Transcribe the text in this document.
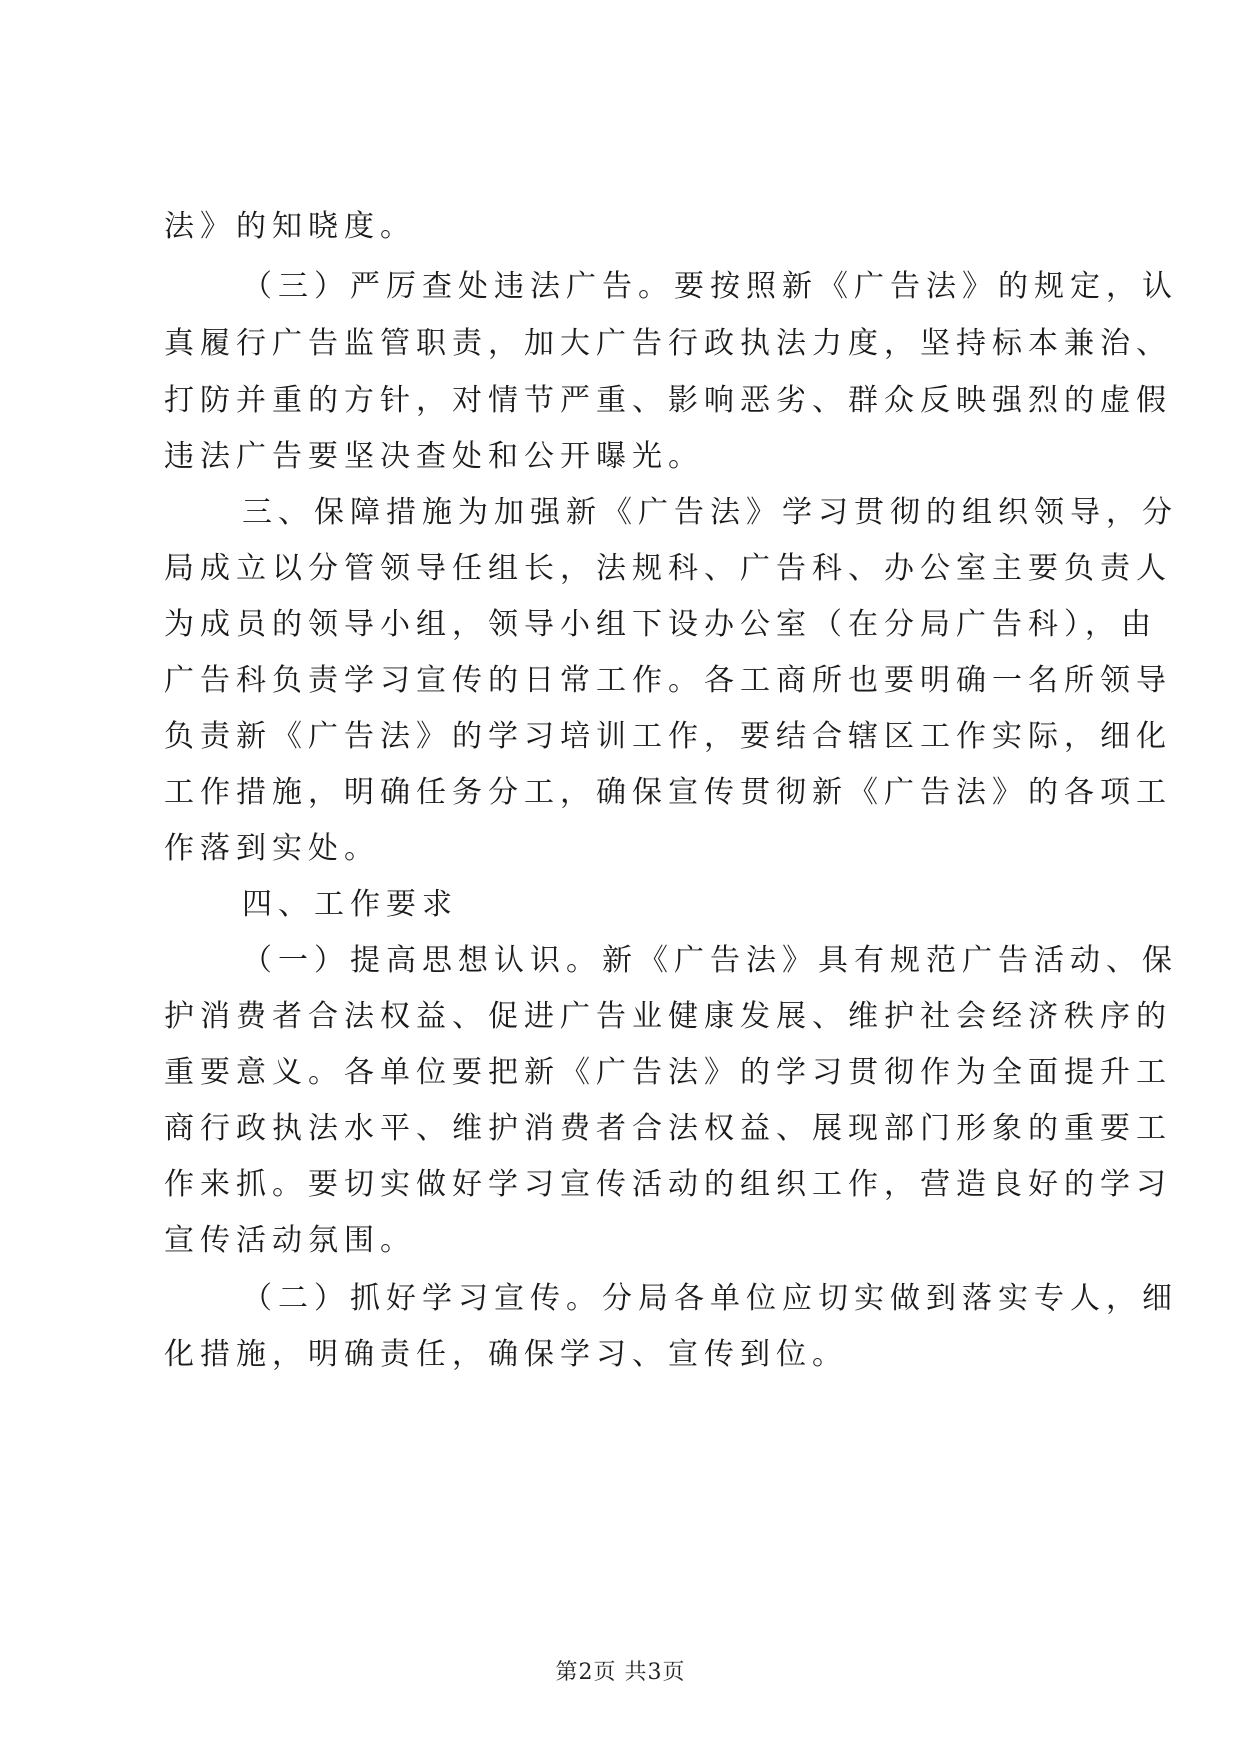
法》的知晓度。
（三）严厉查处违法广告。要按照新《广告法》的规定，认
真履行广告监管职责，加大广告行政执法力度，坚持标本兼治、
打防并重的方针，对情节严重、影响恶劣、群众反映强烈的虚假
违法广告要坚决查处和公开曝光。
三、保障措施为加强新《广告法》学习贯彻的组织领导，分
局成立以分管领导任组长，法规科、广告科、办公室主要负责人
为成员的领导小组，领导小组下设办公室（在分局广告科），由
广告科负责学习宣传的日常工作。各工商所也要明确一名所领导
负责新《广告法》的学习培训工作，要结合辖区工作实际，细化
工作措施，明确任务分工，确保宣传贯彻新《广告法》的各项工
作落到实处。
四、工作要求
（一）提高思想认识。新《广告法》具有规范广告活动、保
护消费者合法权益、促进广告业健康发展、维护社会经济秩序的
重要意义。各单位要把新《广告法》的学习贯彻作为全面提升工
商行政执法水平、维护消费者合法权益、展现部门形象的重要工
作来抓。要切实做好学习宣传活动的组织工作，营造良好的学习
宣传活动氛围。
（二）抓好学习宣传。分局各单位应切实做到落实专人，细
化措施，明确责任，确保学习、宣传到位。
第2页 共3页
